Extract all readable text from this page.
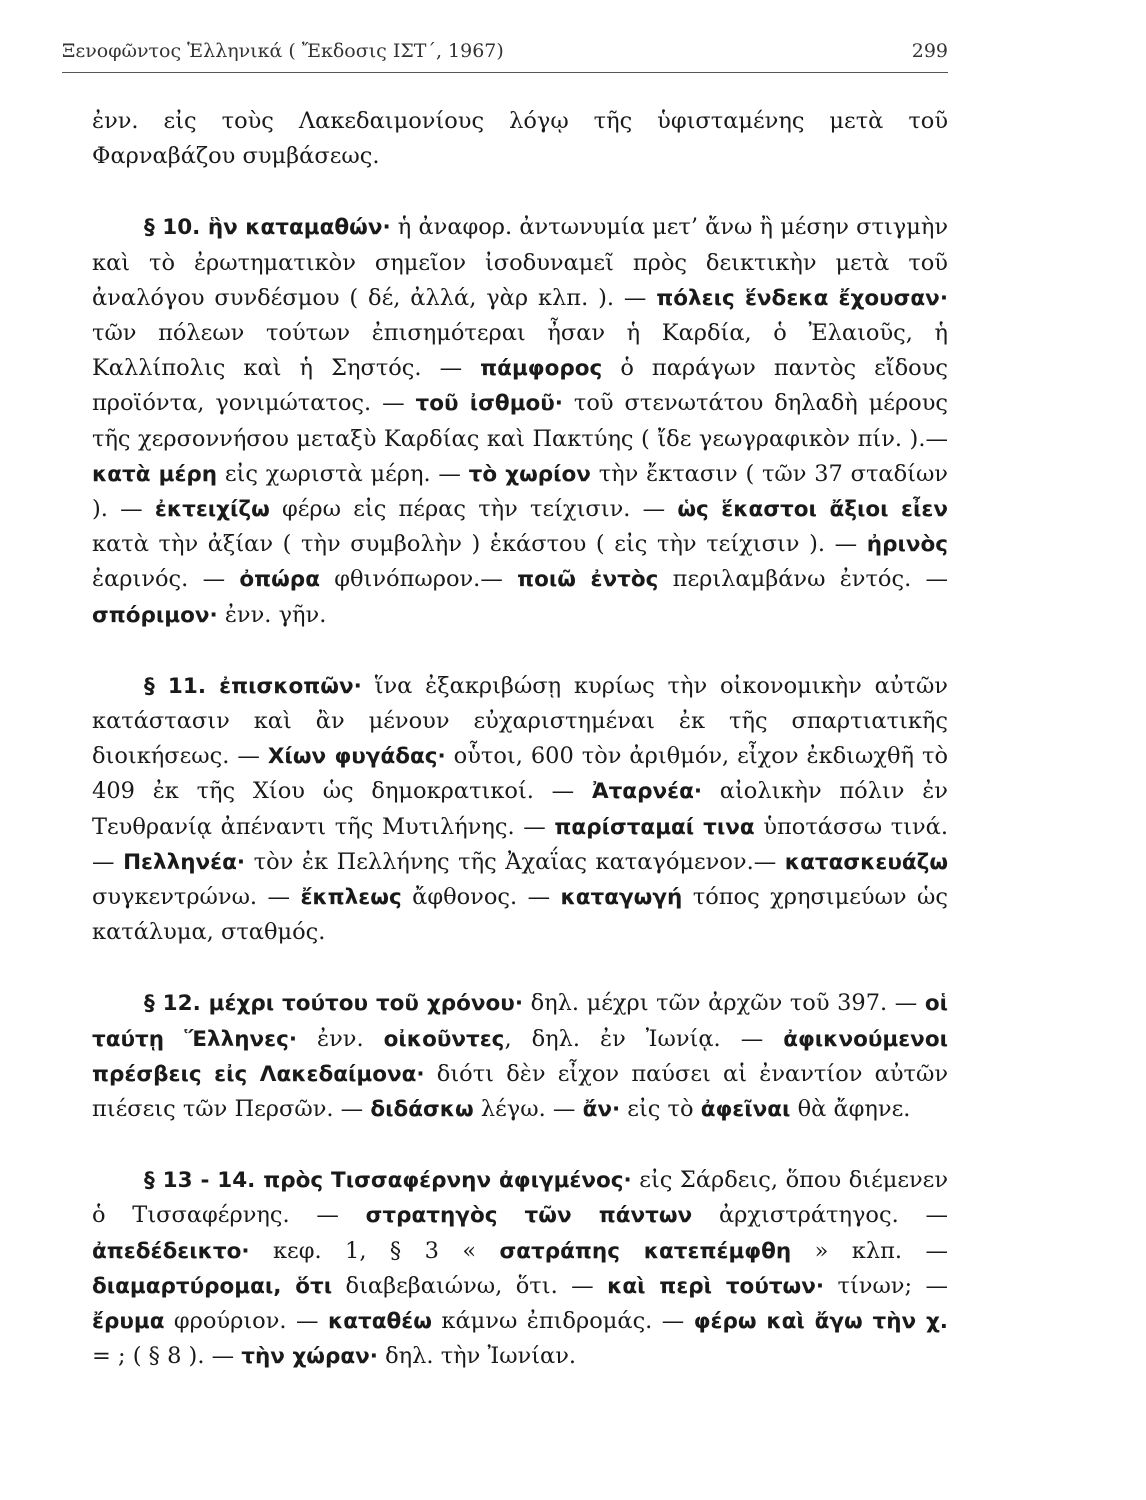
Ξενοφῶντος Ἑλληνικά ( Ἔκδοσις ΙΣΤ΄, 1967)	299

ἐνν. εἰς τοὺς Λακεδαιμονίους λόγῳ τῆς ὑφισταμένης μετὰ τοῦ Φαρναβάζου συμβάσεως.

§ 10. ἣν καταμαθών· ἡ ἀναφορ. ἀντωνυμία μετ’ ἄνω ἢ μέσην στιγμὴν καὶ τὸ ἐρωτηματικὸν σημεῖον ἰσοδυναμεῖ πρὸς δεικτικὴν μετὰ τοῦ ἀναλόγου συνδέσμου ( δέ, ἀλλά, γὰρ κλπ. ). — πόλεις ἕνδεκα ἔχουσαν· τῶν πόλεων τούτων ἐπισημότεραι ἦσαν ἡ Καρδία, ὁ Ἐλαιοῦς, ἡ Καλλίπολις καὶ ἡ Σηστός. — πάμφορος ὁ παράγων παντὸς εἴδους προϊόντα, γονιμώτατος. — τοῦ ἰσθμοῦ· τοῦ στενωτάτου δηλαδὴ μέρους τῆς χερσοννήσου μεταξὺ Καρδίας καὶ Πακτύης ( ἴδε γεωγραφικὸν πίν. ).—κατὰ μέρη εἰς χωριστὰ μέρη. — τὸ χωρίον τὴν ἔκτασιν ( τῶν 37 σταδίων ). — ἐκτειχίζω φέρω εἰς πέρας τὴν τείχισιν. — ὡς ἕκαστοι ἄξιοι εἶεν κατὰ τὴν ἀξίαν ( τὴν συμβολὴν ) ἑκάστου ( εἰς τὴν τείχισιν ). — ἠρινὸς ἐαρινός. — ὀπώρα φθινόπωρον.— ποιῶ ἐντὸς περιλαμβάνω ἐντός. — σπόριμον· ἐνν. γῆν.

§ 11. ἐπισκοπῶν· ἵνα ἐξακριβώσῃ κυρίως τὴν οἰκονομικὴν αὐτῶν κατάστασιν καὶ ἂν μένουν εὐχαριστημέναι ἐκ τῆς σπαρτιατικῆς διοικήσεως. — Χίων φυγάδας· οὗτοι, 600 τὸν ἀριθμόν, εἶχον ἐκδιωχθῆ τὸ 409 ἐκ τῆς Χίου ὡς δημοκρατικοί. — Ἀταρνέα· αἰολικὴν πόλιν ἐν Τευθρανίᾳ ἀπέναντι τῆς Μυτιλήνης. — παρίσταμαί τινα ὑποτάσσω τινά. — Πελληνέα· τὸν ἐκ Πελλήνης τῆς Ἀχαΐας καταγόμενον.— κατασκευάζω συγκεντρώνω. — ἔκπλεως ἄφθονος. — καταγωγή τόπος χρησιμεύων ὡς κατάλυμα, σταθμός.

§ 12. μέχρι τούτου τοῦ χρόνου· δηλ. μέχρι τῶν ἀρχῶν τοῦ 397. — οἱ ταύτῃ Ἕλληνες· ἐνν. οἰκοῦντες, δηλ. ἐν Ἰωνίᾳ. — ἀφικνούμενοι πρέσβεις εἰς Λακεδαίμονα· διότι δὲν εἶχον παύσει αἱ ἐναντίον αὐτῶν πιέσεις τῶν Περσῶν. — διδάσκω λέγω. — ἄν· εἰς τὸ ἀφεῖναι θὰ ἄφηνε.

§ 13 - 14. πρὸς Τισσαφέρνην ἀφιγμένος· εἰς Σάρδεις, ὅπου διέμενεν ὁ Τισσαφέρνης. — στρατηγὸς τῶν πάντων ἀρχιστράτηγος. — ἀπεδέδεικτο· κεφ. 1, § 3 « σατράπης κατεπέμφθη » κλπ. — διαμαρτύρομαι, ὅτι διαβεβαιώνω, ὅτι. — καὶ περὶ τούτων· τίνων; — ἔρυμα φρούριον. — καταθέω κάμνω ἐπιδρομάς. — φέρω καὶ ἄγω τὴν χ. = ; ( § 8 ). — τὴν χώραν· δηλ. τὴν Ἰωνίαν.
